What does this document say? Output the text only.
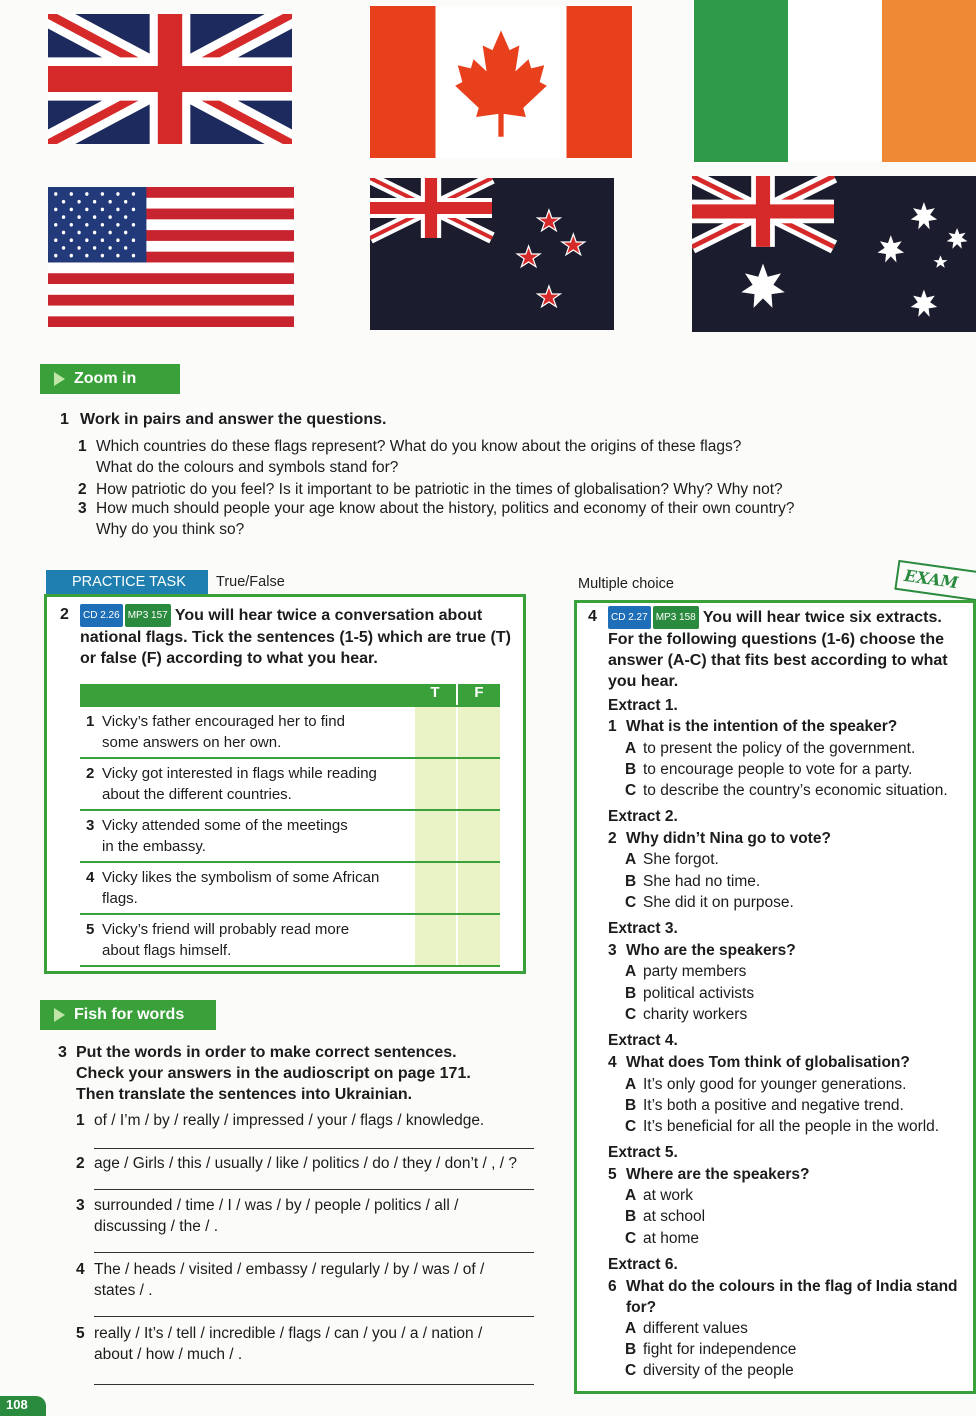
Zoom in
1 Work in pairs and answer the questions.
1 Which countries do these flags represent? What do you know about the origins of these flags?
What do the colours and symbols stand for?
2 How patriotic do you feel? Is it important to be patriotic in the times of globalisation? Why? Why not?
3 How much should people your age know about the history, politics and economy of their own country?
Why do you think so?
PRACTICE TASK True/False
2 CD 2.26 MP3 157 You will hear twice a conversation about
national flags. Tick the sentences (1-5) which are true (T)
or false (F) according to what you hear.
	T	F

1 Vicky’s father encouraged her to find
some answers on her own.		

2 Vicky got interested in flags while reading
about the different countries.		

3 Vicky attended some of the meetings
in the embassy.		

4 Vicky likes the symbolism of some African
flags.		

5 Vicky’s friend will probably read more
about flags himself.		

Fish for words
3 Put the words in order to make correct sentences.
Check your answers in the audioscript on page 171.
Then translate the sentences into Ukrainian.
1 of / I’m / by / really / impressed / your / flags / knowledge.
2 age / Girls / this / usually / like / politics / do / they / don’t / , / ?
3 surrounded / time / I / was / by / people / politics / all /
discussing / the / .
4 The / heads / visited / embassy / regularly / by / was / of /
states / .
5 really / It’s / tell / incredible / flags / can / you / a / nation /
about / how / much / .
Multiple choice	EXAM
4 CD 2.27 MP3 158 You will hear twice six extracts.
For the following questions (1-6) choose the
answer (A-C) that fits best according to what
you hear.
Extract 1.
1 What is the intention of the speaker?
A to present the policy of the government.
B to encourage people to vote for a party.
C to describe the country’s economic situation.
Extract 2.
2 Why didn’t Nina go to vote?
A She forgot.
B She had no time.
C She did it on purpose.
Extract 3.
3 Who are the speakers?
A party members
B political activists
C charity workers
Extract 4.
4 What does Tom think of globalisation?
A It’s only good for younger generations.
B It’s both a positive and negative trend.
C It’s beneficial for all the people in the world.
Extract 5.
5 Where are the speakers?
A at work
B at school
C at home
Extract 6.
6 What do the colours in the flag of India stand
for?
A different values
B fight for independence
C diversity of the people
108
